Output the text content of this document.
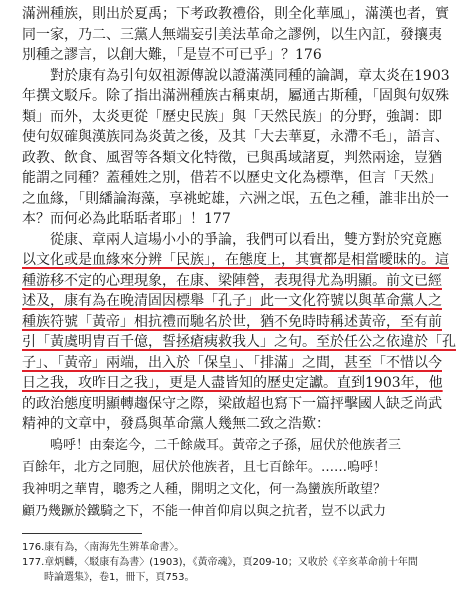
滿洲種族，則出於夏禹；下考政教禮俗，則全化華風」，滿漢也者，實
同一家，乃二、三黨人無端妄引美法革命之謬例，以生內訌，發攘夷
別種之謬言，以創大難，「是豈不可已乎」？176
對於康有為引句奴祖源傳說以證滿漢同種的論調，章太炎在1903
年撰文駁斥。除了指出滿洲種族古稱東胡，屬通古斯種，「固與句奴殊
類」而外，太炎更從「歷史民族」與「天然民族」的分野，強調：即
使句奴確與漢族同為炎黃之後，及其「大去華夏，永滯不毛」，語言、
政教、飲食、風習等各類文化特徵，已與禹域諸夏，判然兩途，豈猶
能謂之同種？蓋種姓之別，借若不以歷史文化為標準，但言「天然」
之血緣，「則繙論海藻，享祧蛇雄，六洲之氓，五色之種，誰非出於一
本？而何必為此聒聒者耶」！177
從康、章兩人這場小小的爭論，我們可以看出，雙方對於究竟應
以文化或是血緣來分辨「民族」，在態度上，其實都是相當曖昧的。這
種游移不定的心理現象，在康、梁陣營，表現得尤為明顯。前文已經
述及，康有為在晚清固因標舉「孔子」此一文化符號以與革命黨人之
種族符號「黃帝」相抗禮而馳名於世，猶不免時時稱述黃帝，至有前
引「黃虞明胄百千億，誓拯瘡痍救我人」之句。至於任公之依違於「孔
子」、「黃帝」兩端，出入於「保皇」、「排滿」之間，甚至「不惜以今
日之我，攻昨日之我」，更是人盡皆知的歷史定讞。直到1903年，他
的政治態度明顯轉趨保守之際，梁啟超也寫下一篇抨擊國人缺乏尚武
精神的文章中，發爲與革命黨人幾無二致之浩歎：
嗚呼！由秦迄今，二千餘歲耳。黃帝之子孫，屈伏於他族者三
百餘年，北方之同胞，屈伏於他族者，且七百餘年。……嗚呼！
我神明之華胄，聰秀之人種，開明之文化，何一為蠻族所敢望？
顧乃幾蹶於鐵騎之下，不能一伸首仰肩以與之抗者，豈不以武力
176.康有為，〈南海先生辨革命書〉。
177.章炳麟，〈駁康有為書〉(1903)，《黃帝魂》，頁209-10；又收於《辛亥革命前十年間
時論選集》，卷1，冊下，頁753。
